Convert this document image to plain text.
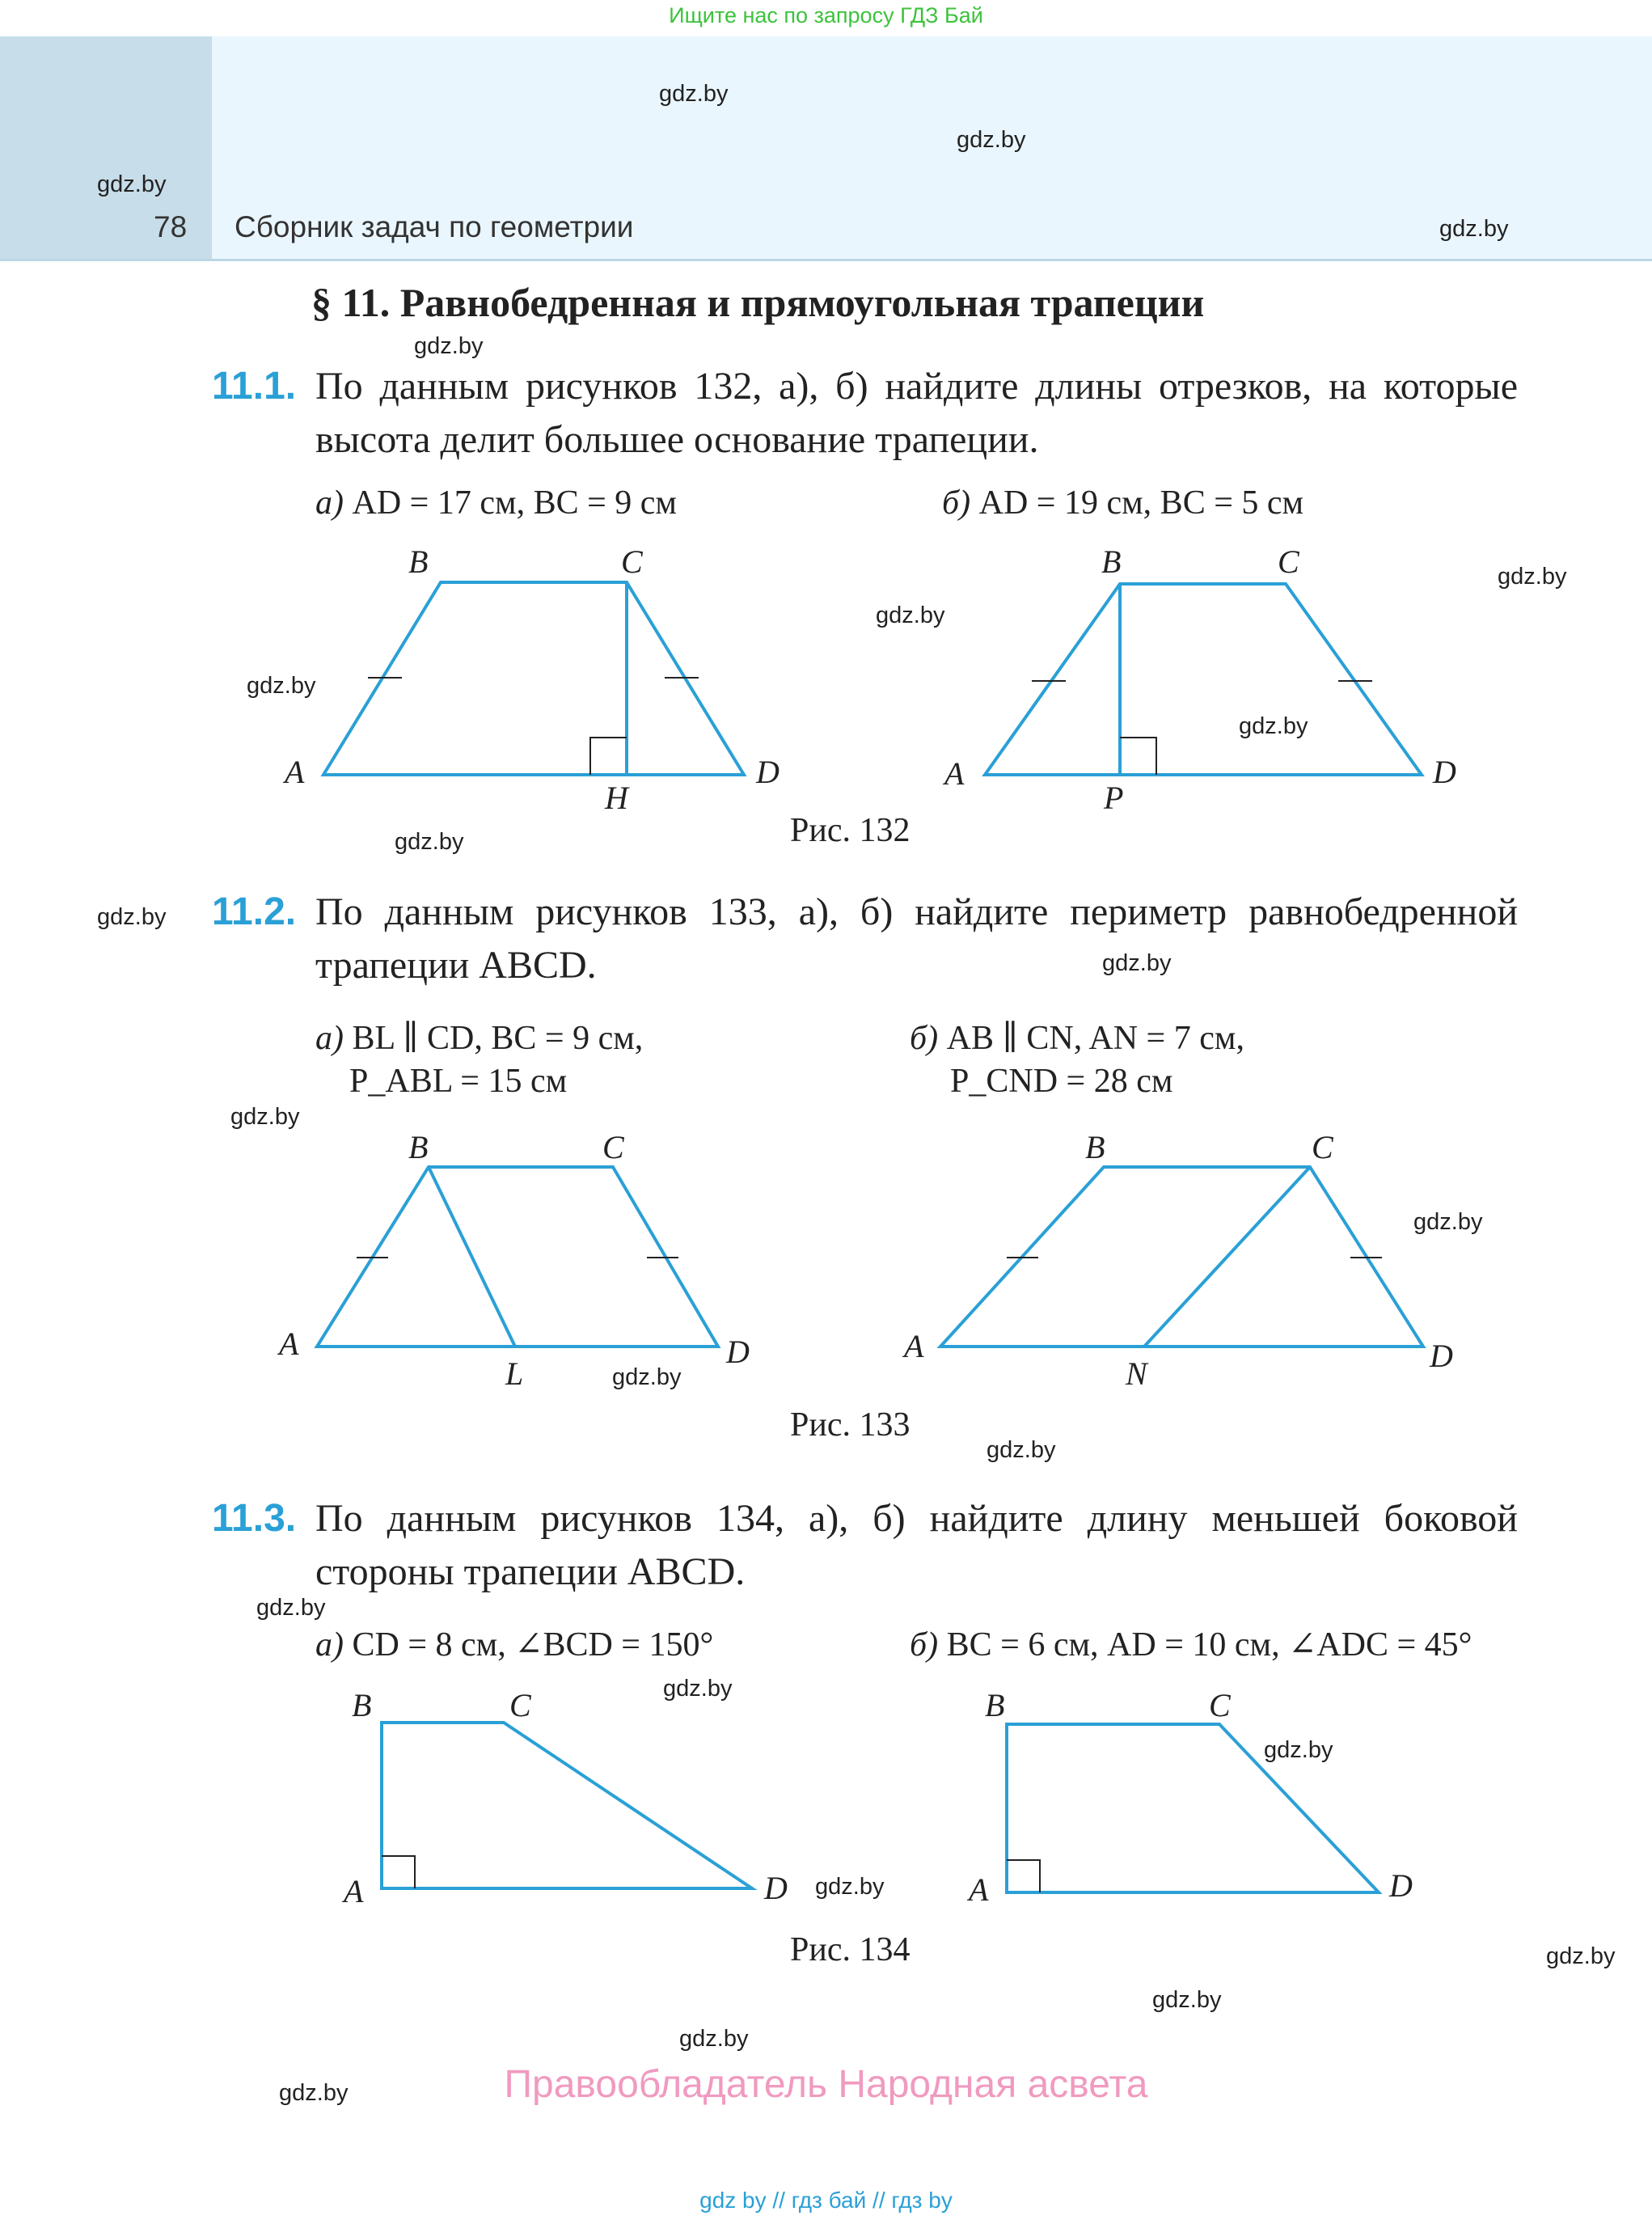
Ищите нас по запросу ГДЗ Бай
78 Сборник задач по геометрии
gdz.by
gdz.by
gdz.by
gdz.by
gdz.by
gdz.by
gdz.by
gdz.by
gdz.by
gdz.by
gdz.by
gdz.by
gdz.by
gdz.by
gdz.by
gdz.by
gdz.by
gdz.by
gdz.by
gdz.by
gdz.by
gdz.by
gdz.by
gdz.by
§ 11. Равнобедренная и прямоугольная трапеции
11.1. По данным рисунков 132, а), б) найдите длины отрезков, на которые высота делит большее основание трапеции.
а) AD = 17 см, BC = 9 см	б) AD = 19 см, BC = 5 см
A
B	C
D
H
A
B	C
D
P
A
B	C
D
L
A
B	C
D
N
A
B	C
D	A
B	C
D
Рис. 132
11.2. По данным рисунков 133, а), б) найдите периметр равнобедренной трапеции ABCD.
а) BL ∥ CD, BC = 9 см,
P_ABL = 15 см
б) AB ∥ CN, AN = 7 см,
P_CND = 28 см
Рис. 133
11.3. По данным рисунков 134, а), б) найдите длину меньшей боковой стороны трапеции ABCD.
а) CD = 8 см, ∠BCD = 150°	б) BC = 6 см, AD = 10 см, ∠ADC = 45°
Рис. 134
Правообладатель Народная асвета
gdz by // гдз бай // гдз by
